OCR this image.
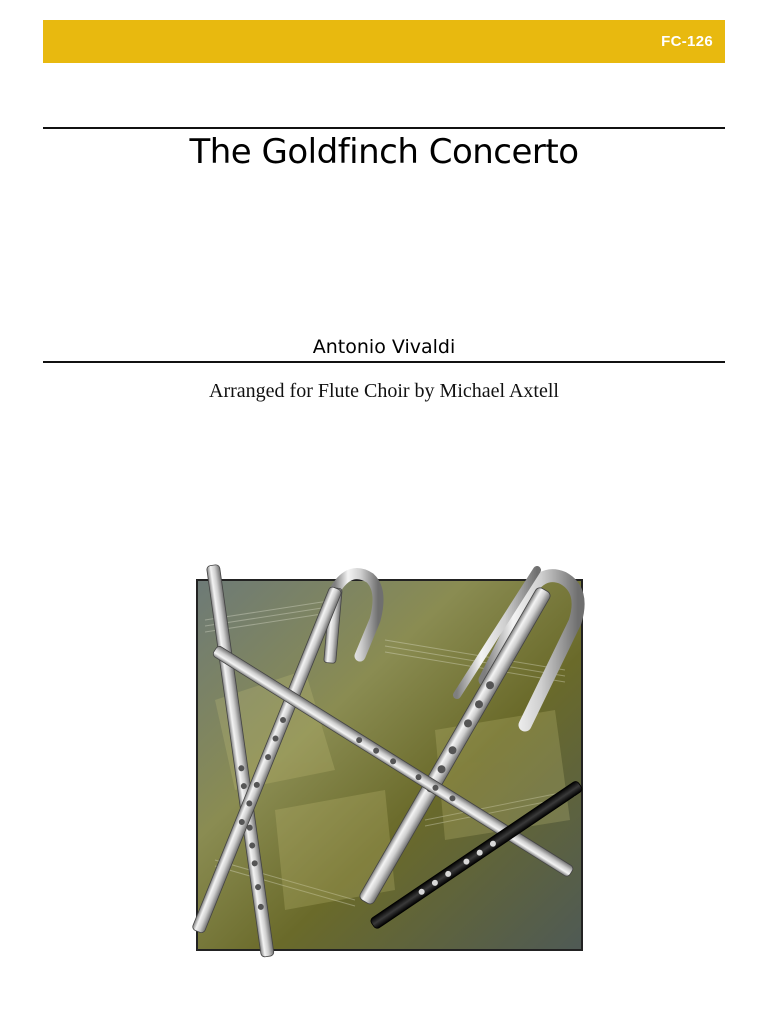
FC-126
The Goldfinch Concerto
Antonio Vivaldi
Arranged for Flute Choir by Michael Axtell
